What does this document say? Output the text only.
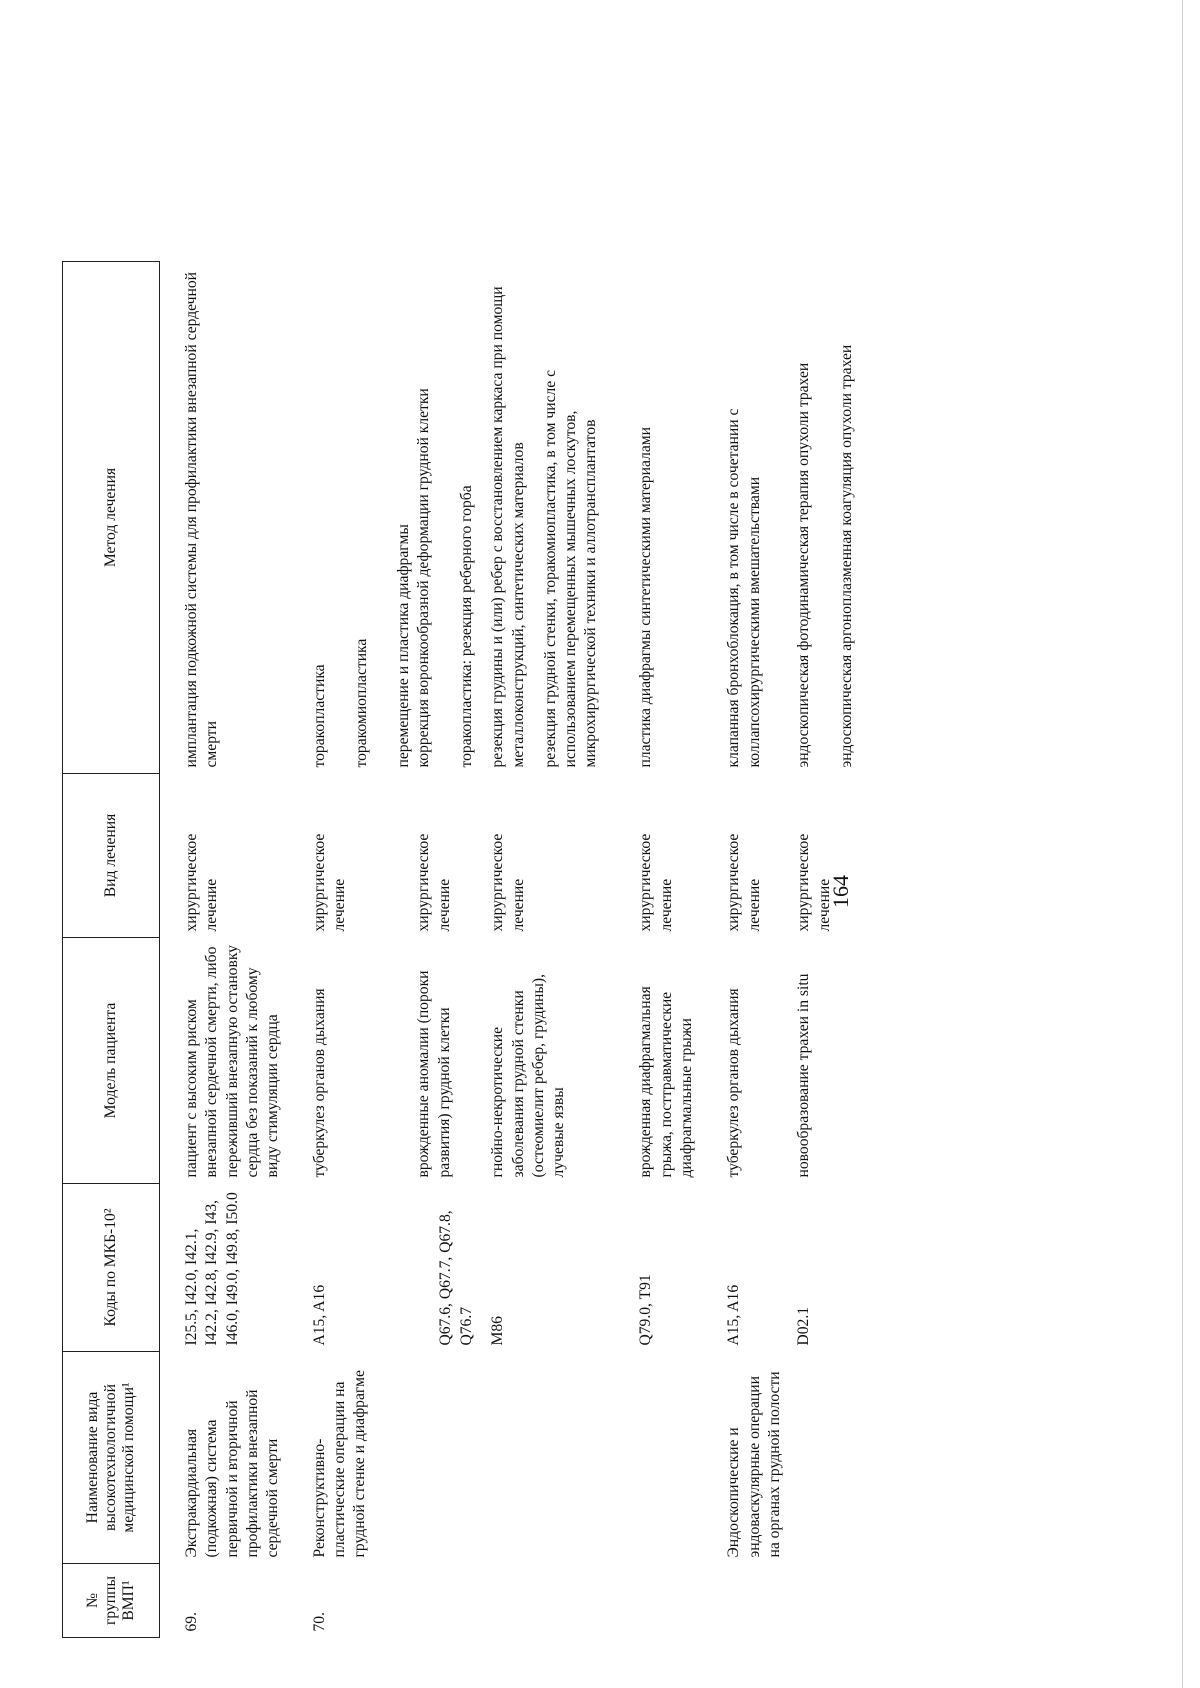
164
№ группы ВМП¹	Наименование вида высокотехнологичной медицинской помощи¹	Коды по МКБ-10²	Модель пациента	Вид лечения	Метод лечения
69.	Экстракардиальная (подкожная) система первичной и вторичной профилактики внезапной сердечной смерти	I25.5, I42.0, I42.1, I42.2, I42.8, I42.9, I43, I46.0, I49.0, I49.8, I50.0	пациент с высоким риском внезапной сердечной смерти, либо переживший внезапную остановку сердца без показаний к любому виду стимуляции сердца	хирургическое лечение	имплантация подкожной системы для профилактики внезапной сердечной смерти

70.	Реконструктивно-пластические операции на грудной стенке и диафрагме	A15, A16	туберкулез органов дыхания	хирургическое лечение	торакопластика торакомиопластика перемещение и пластика диафрагмы

		Q67.6, Q67.7, Q67.8, Q76.7	врожденные аномалии (пороки развития) грудной клетки	хирургическое лечение	коррекция воронкообразной деформации грудной клетки торакопластика: резекция реберного горба

		M86	гнойно-некротические заболевания грудной стенки (остеомиелит ребер, грудины), лучевые язвы	хирургическое лечение	резекция грудины и (или) ребер с восстановлением каркаса при помощи металлоконструкций, синтетических материалов резекция грудной стенки, торакомиопластика, в том числе с использованием перемещенных мышечных лоскутов, микрохирургической техники и аллотрансплантатов

		Q79.0, T91	врожденная диафрагмальная грыжа, посттравматические диафрагмальные грыжи	хирургическое лечение	пластика диафрагмы синтетическими материалами

	Эндоскопические и эндоваскулярные операции на органах грудной полости	A15, A16	туберкулез органов дыхания	хирургическое лечение	клапанная бронхоблокация, в том числе в сочетании с коллапсохирургическими вмешательствами

		D02.1	новообразование трахеи in situ	хирургическое лечение	эндоскопическая фотодинамическая терапия опухоли трахеи эндоскопическая аргоноплазменная коагуляция опухоли трахеи
